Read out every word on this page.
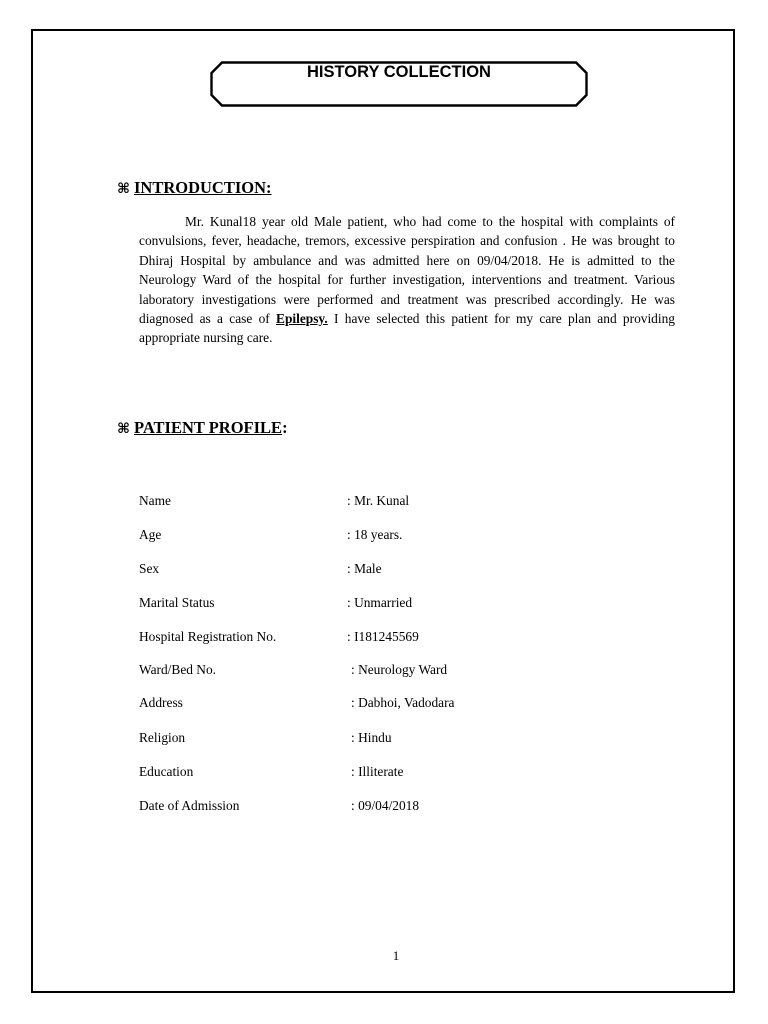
HISTORY COLLECTION
⌘ INTRODUCTION:
Mr. Kunal18 year old Male patient, who had come to the hospital with complaints of convulsions, fever, headache, tremors, excessive perspiration and confusion . He was brought to Dhiraj Hospital by ambulance and was admitted here on 09/04/2018. He is admitted to the Neurology Ward of the hospital for further investigation, interventions and treatment. Various laboratory investigations were performed and treatment was prescribed accordingly. He was diagnosed as a case of Epilepsy. I have selected this patient for my care plan and providing appropriate nursing care.
⌘ PATIENT PROFILE:
Name	: Mr. Kunal
Age	: 18 years.
Sex	: Male
Marital Status	: Unmarried
Hospital Registration No.	: I181245569
Ward/Bed No.	: Neurology Ward
Address	: Dabhoi, Vadodara
Religion	: Hindu
Education	: Illiterate
Date of Admission	: 09/04/2018
1
